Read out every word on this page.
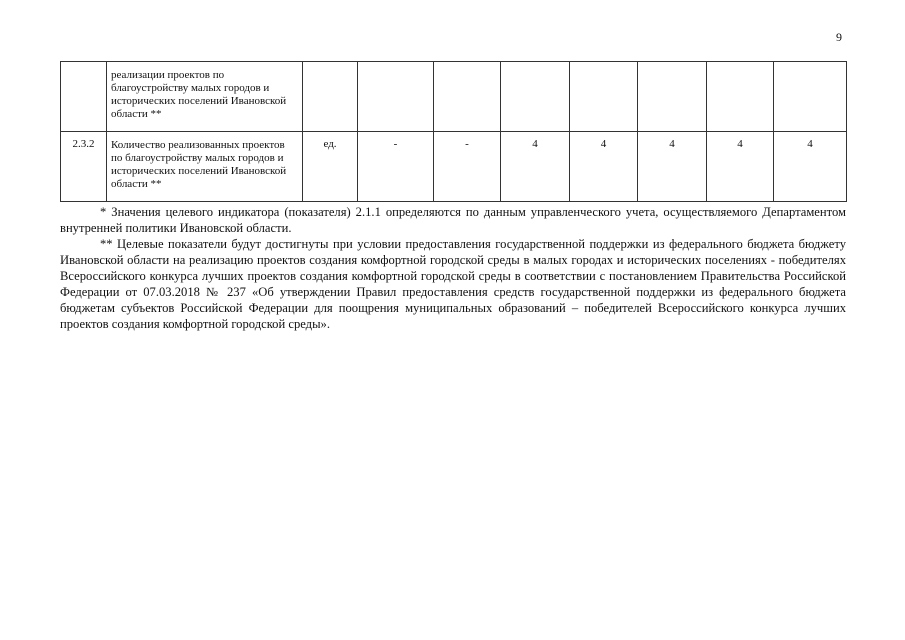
9
	реализации проектов по благоустройству малых городов и исторических поселений Ивановской области **								
2.3.2	Количество реализованных проектов по благоустройству малых городов и исторических поселений Ивановской области **	ед.	-	-	4	4	4	4	4

* Значения целевого индикатора (показателя) 2.1.1 определяются по данным управленческого учета, осуществляемого Департаментом внутренней политики Ивановской области.

** Целевые показатели будут достигнуты при условии предоставления государственной поддержки из федерального бюджета бюджету Ивановской области на реализацию проектов создания комфортной городской среды в малых городах и исторических поселениях - победителях Всероссийского конкурса лучших проектов создания комфортной городской среды в соответствии с постановлением Правительства Российской Федерации от 07.03.2018 № 237 «Об утверждении Правил предоставления средств государственной поддержки из федерального бюджета бюджетам субъектов Российской Федерации для поощрения муниципальных образований – победителей Всероссийского конкурса лучших проектов создания комфортной городской среды».
